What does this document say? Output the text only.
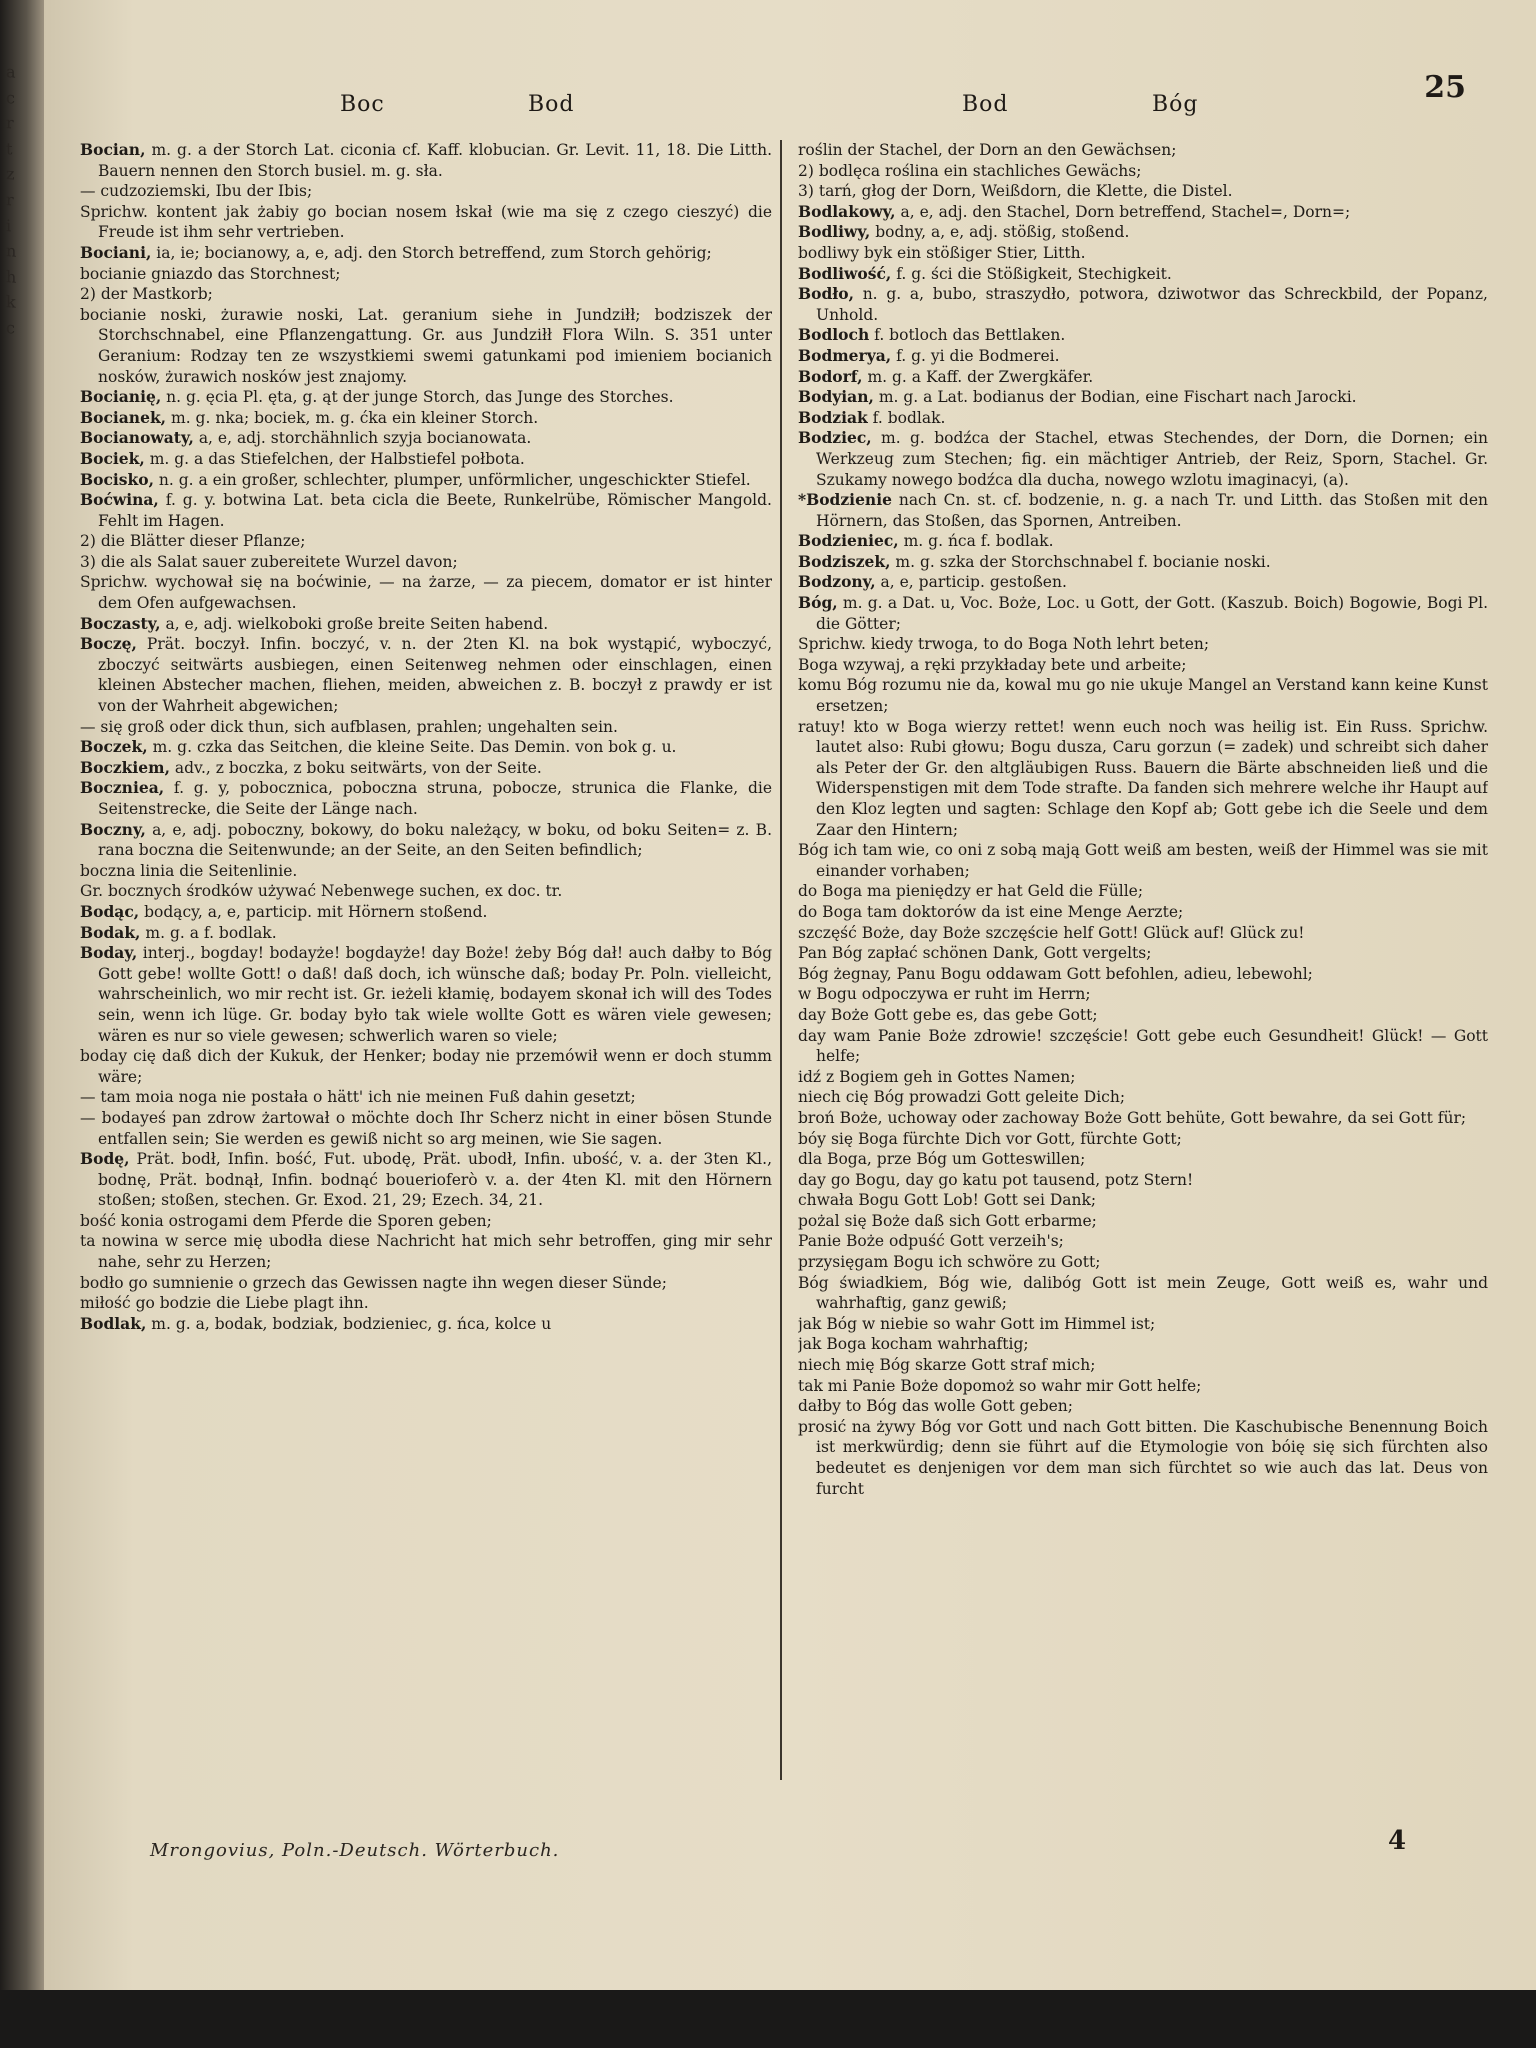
a
c
r
t
z
r
i
n
h
k
c
Boc	Bod	Bod	Bóg	25

Bocian, m. g. a der Storch Lat. ciconia cf. Kaff. klobucian. Gr. Levit. 11, 18. Die Litth. Bauern nennen den Storch busiel. m. g. sła.

— cudzoziemski, Ibu der Ibis;

Sprichw. kontent jak żabiy go bocian nosem łskał (wie ma się z czego cieszyć) die Freude ist ihm sehr vertrieben.

Bociani, ia, ie; bocianowy, a, e, adj. den Storch betreffend, zum Storch gehörig;

bocianie gniazdo das Storchnest;

2) der Mastkorb;

bocianie noski, żurawie noski, Lat. geranium siehe in Jundziłł; bodziszek der Storchschnabel, eine Pflanzengattung. Gr. aus Jundziłł Flora Wiln. S. 351 unter Geranium: Rodzay ten ze wszystkiemi swemi gatunkami pod imieniem bocianich nosków, żurawich nosków jest znajomy.

Bocianię, n. g. ęcia Pl. ęta, g. ąt der junge Storch, das Junge des Storches.

Bocianek, m. g. nka; bociek, m. g. ćka ein kleiner Storch.

Bocianowaty, a, e, adj. storchähnlich szyja bocianowata.

Bociek, m. g. a das Stiefelchen, der Halbstiefel połbota.

Bocisko, n. g. a ein großer, schlechter, plumper, unförmlicher, ungeschickter Stiefel.

Boćwina, f. g. y. botwina Lat. beta cicla die Beete, Runkelrübe, Römischer Mangold. Fehlt im Hagen.

2) die Blätter dieser Pflanze;

3) die als Salat sauer zubereitete Wurzel davon;

Sprichw. wychował się na boćwinie, — na żarze, — za piecem, domator er ist hinter dem Ofen aufgewachsen.

Boczasty, a, e, adj. wielkoboki große breite Seiten habend.

Boczę, Prät. boczył. Infin. boczyć, v. n. der 2ten Kl. na bok wystąpić, wyboczyć, zboczyć seitwärts ausbiegen, einen Seitenweg nehmen oder einschlagen, einen kleinen Abstecher machen, fliehen, meiden, abweichen z. B. boczył z prawdy er ist von der Wahrheit abgewichen;

— się groß oder dick thun, sich aufblasen, prahlen; ungehalten sein.

Boczek, m. g. czka das Seitchen, die kleine Seite. Das Demin. von bok g. u.

Boczkiem, adv., z boczka, z boku seitwärts, von der Seite.

Boczniea, f. g. y, pobocznica, poboczna struna, pobocze, strunica die Flanke, die Seitenstrecke, die Seite der Länge nach.

Boczny, a, e, adj. poboczny, bokowy, do boku należący, w boku, od boku Seiten= z. B. rana boczna die Seitenwunde; an der Seite, an den Seiten befindlich;

boczna linia die Seitenlinie.

Gr. bocznych środków używać Nebenwege suchen, ex doc. tr.

Bodąc, bodący, a, e, particip. mit Hörnern stoßend.

Bodak, m. g. a f. bodlak.

Boday, interj., bogday! bodayże! bogdayże! day Boże! żeby Bóg dał! auch dałby to Bóg Gott gebe! wollte Gott! o daß! daß doch, ich wünsche daß; boday Pr. Poln. vielleicht, wahrscheinlich, wo mir recht ist. Gr. ieżeli kłamię, bodayem skonał ich will des Todes sein, wenn ich lüge. Gr. boday było tak wiele wollte Gott es wären viele gewesen; wären es nur so viele gewesen; schwerlich waren so viele;

boday cię daß dich der Kukuk, der Henker; boday nie przemówił wenn er doch stumm wäre;

— tam moia noga nie postała o hätt' ich nie meinen Fuß dahin gesetzt;

— bodayeś pan zdrow żartował o möchte doch Ihr Scherz nicht in einer bösen Stunde entfallen sein; Sie werden es gewiß nicht so arg meinen, wie Sie sagen.

Bodę, Prät. bodł, Infin. bość, Fut. ubodę, Prät. ubodł, Infin. ubość, v. a. der 3ten Kl., bodnę, Prät. bodnął, Infin. bodnąć bouerioferò v. a. der 4ten Kl. mit den Hörnern stoßen; stoßen, stechen. Gr. Exod. 21, 29; Ezech. 34, 21.

bość konia ostrogami dem Pferde die Sporen geben;

ta nowina w serce mię ubodła diese Nachricht hat mich sehr betroffen, ging mir sehr nahe, sehr zu Herzen;

bodło go sumnienie o grzech das Gewissen nagte ihn wegen dieser Sünde;

miłość go bodzie die Liebe plagt ihn.

Bodlak, m. g. a, bodak, bodziak, bodzieniec, g. ńca, kolce u

roślin der Stachel, der Dorn an den Gewächsen;

2) bodlęca roślina ein stachliches Gewächs;

3) tarń, głog der Dorn, Weißdorn, die Klette, die Distel.

Bodlakowy, a, e, adj. den Stachel, Dorn betreffend, Stachel=, Dorn=;

Bodliwy, bodny, a, e, adj. stößig, stoßend.

bodliwy byk ein stößiger Stier, Litth.

Bodliwość, f. g. ści die Stößigkeit, Stechigkeit.

Bodło, n. g. a, bubo, straszydło, potwora, dziwotwor das Schreckbild, der Popanz, Unhold.

Bodloch f. botloch das Bettlaken.

Bodmerya, f. g. yi die Bodmerei.

Bodorf, m. g. a Kaff. der Zwergkäfer.

Bodyian, m. g. a Lat. bodianus der Bodian, eine Fischart nach Jarocki.

Bodziak f. bodlak.

Bodziec, m. g. bodźca der Stachel, etwas Stechendes, der Dorn, die Dornen; ein Werkzeug zum Stechen; fig. ein mächtiger Antrieb, der Reiz, Sporn, Stachel. Gr. Szukamy nowego bodźca dla ducha, nowego wzlotu imaginacyi, (a).

*Bodzienie nach Cn. st. cf. bodzenie, n. g. a nach Tr. und Litth. das Stoßen mit den Hörnern, das Stoßen, das Spornen, Antreiben.

Bodzieniec, m. g. ńca f. bodlak.

Bodziszek, m. g. szka der Storchschnabel f. bocianie noski.

Bodzony, a, e, particip. gestoßen.

Bóg, m. g. a Dat. u, Voc. Boże, Loc. u Gott, der Gott. (Kaszub. Boich) Bogowie, Bogi Pl. die Götter;

Sprichw. kiedy trwoga, to do Boga Noth lehrt beten;

Boga wzywaj, a ręki przykładay bete und arbeite;

komu Bóg rozumu nie da, kowal mu go nie ukuje Mangel an Verstand kann keine Kunst ersetzen;

ratuy! kto w Boga wierzy rettet! wenn euch noch was heilig ist. Ein Russ. Sprichw. lautet also: Rubi głowu; Bogu dusza, Caru gorzun (= zadek) und schreibt sich daher als Peter der Gr. den altgläubigen Russ. Bauern die Bärte abschneiden ließ und die Widerspenstigen mit dem Tode strafte. Da fanden sich mehrere welche ihr Haupt auf den Kloz legten und sagten: Schlage den Kopf ab; Gott gebe ich die Seele und dem Zaar den Hintern;

Bóg ich tam wie, co oni z sobą mają Gott weiß am besten, weiß der Himmel was sie mit einander vorhaben;

do Boga ma pieniędzy er hat Geld die Fülle;

do Boga tam doktorów da ist eine Menge Aerzte;

szczęść Boże, day Boże szczęście helf Gott! Glück auf! Glück zu!

Pan Bóg zapłać schönen Dank, Gott vergelts;

Bóg żegnay, Panu Bogu oddawam Gott befohlen, adieu, lebewohl;

w Bogu odpoczywa er ruht im Herrn;

day Boże Gott gebe es, das gebe Gott;

day wam Panie Boże zdrowie! szczęście! Gott gebe euch Gesundheit! Glück! — Gott helfe;

idź z Bogiem geh in Gottes Namen;

niech cię Bóg prowadzi Gott geleite Dich;

broń Boże, uchoway oder zachoway Boże Gott behüte, Gott bewahre, da sei Gott für;

bóy się Boga fürchte Dich vor Gott, fürchte Gott;

dla Boga, prze Bóg um Gotteswillen;

day go Bogu, day go katu pot tausend, potz Stern!

chwała Bogu Gott Lob! Gott sei Dank;

pożal się Boże daß sich Gott erbarme;

Panie Boże odpuść Gott verzeih's;

przysięgam Bogu ich schwöre zu Gott;

Bóg świadkiem, Bóg wie, dalibóg Gott ist mein Zeuge, Gott weiß es, wahr und wahrhaftig, ganz gewiß;

jak Bóg w niebie so wahr Gott im Himmel ist;

jak Boga kocham wahrhaftig;

niech mię Bóg skarze Gott straf mich;

tak mi Panie Boże dopomoż so wahr mir Gott helfe;

dałby to Bóg das wolle Gott geben;

prosić na żywy Bóg vor Gott und nach Gott bitten. Die Kaschubische Benennung Boich ist merkwürdig; denn sie führt auf die Etymologie von bóię się sich fürchten also bedeutet es denjenigen vor dem man sich fürchtet so wie auch das lat. Deus von furcht

Mrongovius, Poln.-Deutsch. Wörterbuch.	4
